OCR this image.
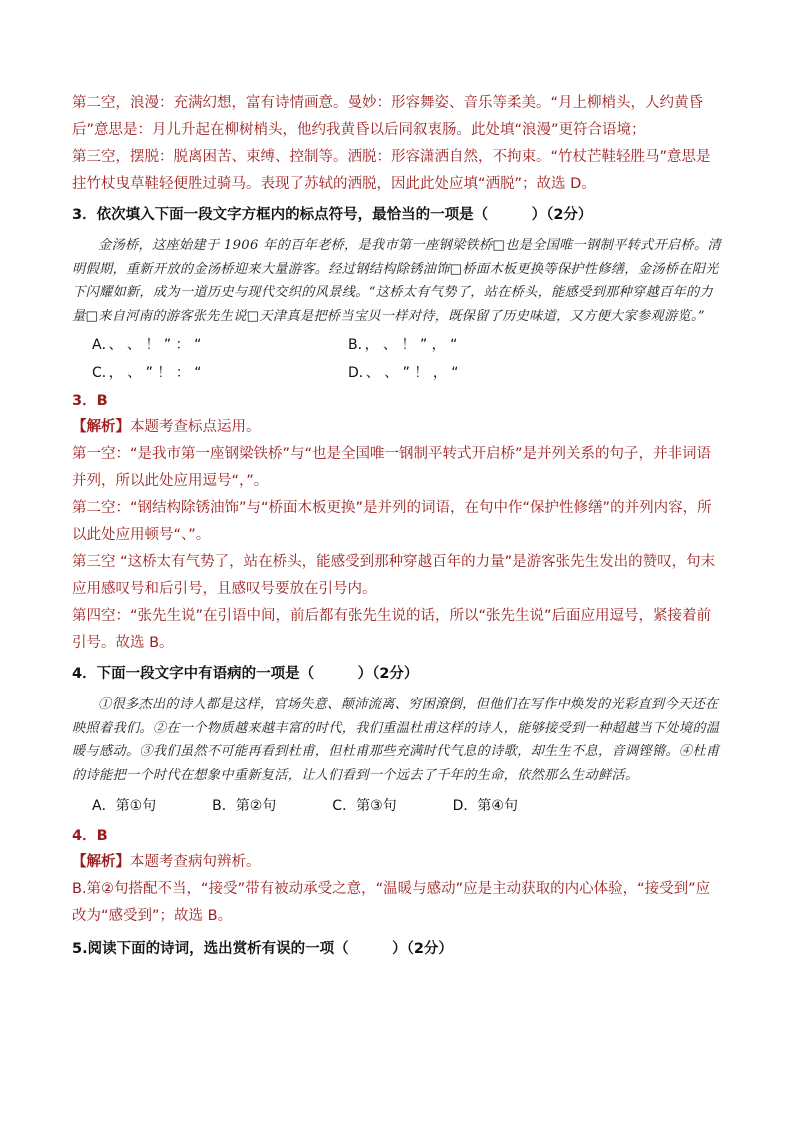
第二空，浪漫：充满幻想，富有诗情画意。曼妙：形容舞姿、音乐等柔美。“月上柳梢头，人约黄昏后”意思是：月儿升起在柳树梢头，他约我黄昏以后同叙衷肠。此处填“浪漫”更符合语境；
第三空，摆脱：脱离困苦、束缚、控制等。洒脱：形容潇洒自然，不拘束。“竹杖芒鞋轻胜马”意思是拄竹杖曳草鞋轻便胜过骑马。表现了苏轼的洒脱，因此此处应填“洒脱”；故选 D。
3．依次填入下面一段文字方框内的标点符号，最恰当的一项是（　　　）（2分）
金汤桥，这座始建于 1906 年的百年老桥，是我市第一座钢梁铁桥□也是全国唯一钢制平转式开启桥。清明假期，重新开放的金汤桥迎来大量游客。经过钢结构除锈油饰□桥面木板更换等保护性修缮，金汤桥在阳光下闪耀如新，成为一道历史与现代交织的风景线。“这桥太有气势了，站在桥头，能感受到那种穿越百年的力量□来自河南的游客张先生说□天津真是把桥当宝贝一样对待，既保留了历史味道，又方便大家参观游览。”
A．、 、 ！ ” ： “	B．， 、 ！ ” ， “
C．， 、 ” ！ ： “	D．、 、 ” ！ ， “
3．B
【解析】本题考查标点运用。
第一空：“是我市第一座钢梁铁桥”与“也是全国唯一钢制平转式开启桥”是并列关系的句子，并非词语并列，所以此处应用逗号“，”。
第二空：“钢结构除锈油饰”与“桥面木板更换”是并列的词语，在句中作“保护性修缮”的并列内容，所以此处应用顿号“、”。
第三空 “这桥太有气势了，站在桥头，能感受到那种穿越百年的力量”是游客张先生发出的赞叹，句末应用感叹号和后引号，且感叹号要放在引号内。
第四空：“张先生说”在引语中间，前后都有张先生说的话，所以“张先生说”后面应用逗号，紧接着前引号。故选 B。
4．下面一段文字中有语病的一项是（　　　）（2分）
①很多杰出的诗人都是这样，官场失意、颠沛流离、穷困潦倒，但他们在写作中焕发的光彩直到今天还在映照着我们。②在一个物质越来越丰富的时代，我们重温杜甫这样的诗人，能够接受到一种超越当下处境的温暖与感动。③我们虽然不可能再看到杜甫，但杜甫那些充满时代气息的诗歌，却生生不息，音调铿锵。④杜甫的诗能把一个时代在想象中重新复活，让人们看到一个远去了千年的生命，依然那么生动鲜活。
A．第①句	B．第②句	C．第③句	D．第④句
4．B
【解析】本题考查病句辨析。
B.第②句搭配不当，“接受”带有被动承受之意，“温暖与感动”应是主动获取的内心体验，“接受到”应改为“感受到”；故选 B。
5.阅读下面的诗词，选出赏析有误的一项（　　　）（2分）
